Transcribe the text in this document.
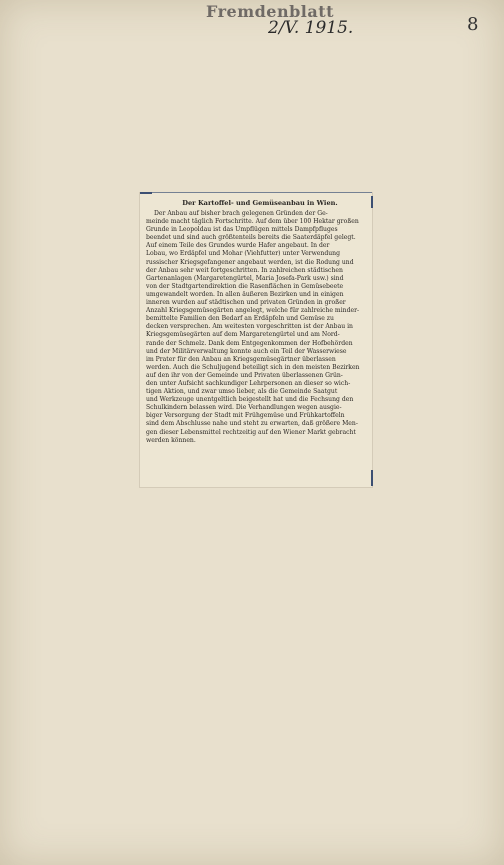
Fremdenblatt
2/V. 1915.	8
Der Kartoffel- und Gemüseanbau in Wien.
Der Anbau auf bisher brach gelegenen Gründen der Ge-
meinde macht täglich Fortschritte. Auf dem über 100 Hektar großen
Grunde in Leopoldau ist das Umpflügen mittels Dampfpfluges
beendet und sind auch größtenteils bereits die Saaterdäpfel gelegt.
Auf einem Teile des Grundes wurde Hafer angebaut. In der
Lobau, wo Erdäpfel und Mohar (Viehfutter) unter Verwendung
russischer Kriegsgefangener angebaut werden, ist die Rodung und
der Anbau sehr weit fortgeschritten. In zahlreichen städtischen
Gartenanlagen (Margaretengürtel, Maria Josefa-Park usw.) sind
von der Stadtgartendirektion die Rasenflächen in Gemüsebeete
umgewandelt worden. In allen äußeren Bezirken und in einigen
inneren wurden auf städtischen und privaten Gründen in großer
Anzahl Kriegsgemüsegärten angelegt, welche für zahlreiche minder-
bemittelte Familien den Bedarf an Erdäpfeln und Gemüse zu
decken versprechen. Am weitesten vorgeschritten ist der Anbau in
Kriegsgemüsegärten auf dem Margaretengürtel und am Nord-
rande der Schmelz. Dank dem Entgegenkommen der Hofbehörden
und der Militärverwaltung konnte auch ein Teil der Wasserwiese
im Prater für den Anbau an Kriegsgemüsegärtner überlassen
werden. Auch die Schuljugend beteiligt sich in den meisten Bezirken
auf den ihr von der Gemeinde und Privaten überlassenen Grün-
den unter Aufsicht sachkundiger Lehrpersonen an dieser so wich-
tigen Aktion, und zwar umso lieber, als die Gemeinde Saatgut
und Werkzeuge unentgeltlich beigestellt hat und die Fechsung den
Schulkindern belassen wird. Die Verhandlungen wegen ausgie-
biger Versorgung der Stadt mit Frühgemüse und Frühkartoffeln
sind dem Abschlusse nahe und steht zu erwarten, daß größere Men-
gen dieser Lebensmittel rechtzeitig auf den Wiener Markt gebracht
werden können.
